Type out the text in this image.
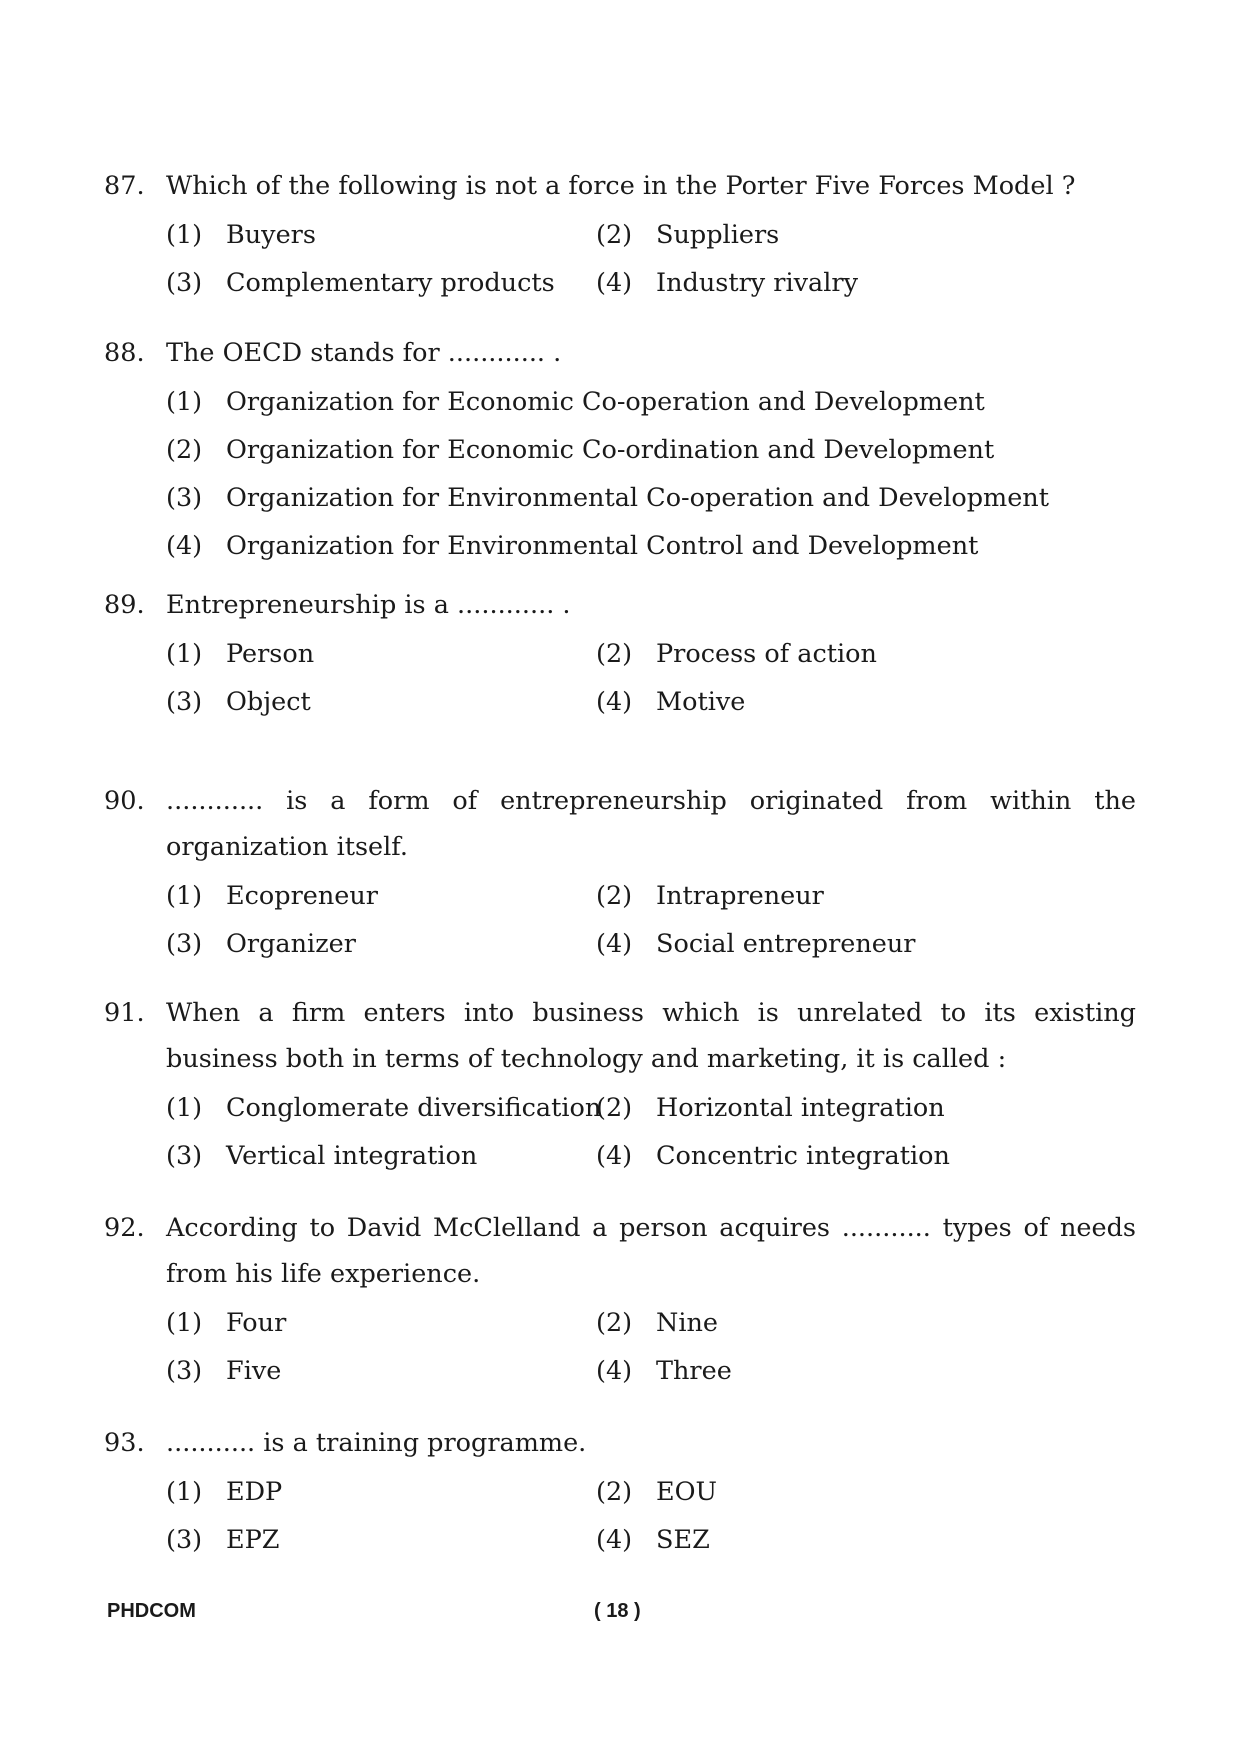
87. Which of the following is not a force in the Porter Five Forces Model ?
(1) Buyers	(2) Suppliers
(3) Complementary products	(4) Industry rivalry
88. The OECD stands for ............ .
(1) Organization for Economic Co-operation and Development
(2) Organization for Economic Co-ordination and Development
(3) Organization for Environmental Co-operation and Development
(4) Organization for Environmental Control and Development
89. Entrepreneurship is a ............ .
(1) Person	(2) Process of action
(3) Object	(4) Motive
90. ............ is a form of entrepreneurship originated from within the organization itself.
(1) Ecopreneur	(2) Intrapreneur
(3) Organizer	(4) Social entrepreneur
91. When a firm enters into business which is unrelated to its existing business both in terms of technology and marketing, it is called :
(1) Conglomerate diversification
(2) Horizontal integration
(3) Vertical integration	(4) Concentric integration
92. According to David McClelland a person acquires ........... types of needs from his life experience.
(1) Four	(2) Nine
(3) Five	(4) Three
93. ........... is a training programme.
(1) EDP	(2) EOU
(3) EPZ	(4) SEZ
PHDCOM	( 18 )
